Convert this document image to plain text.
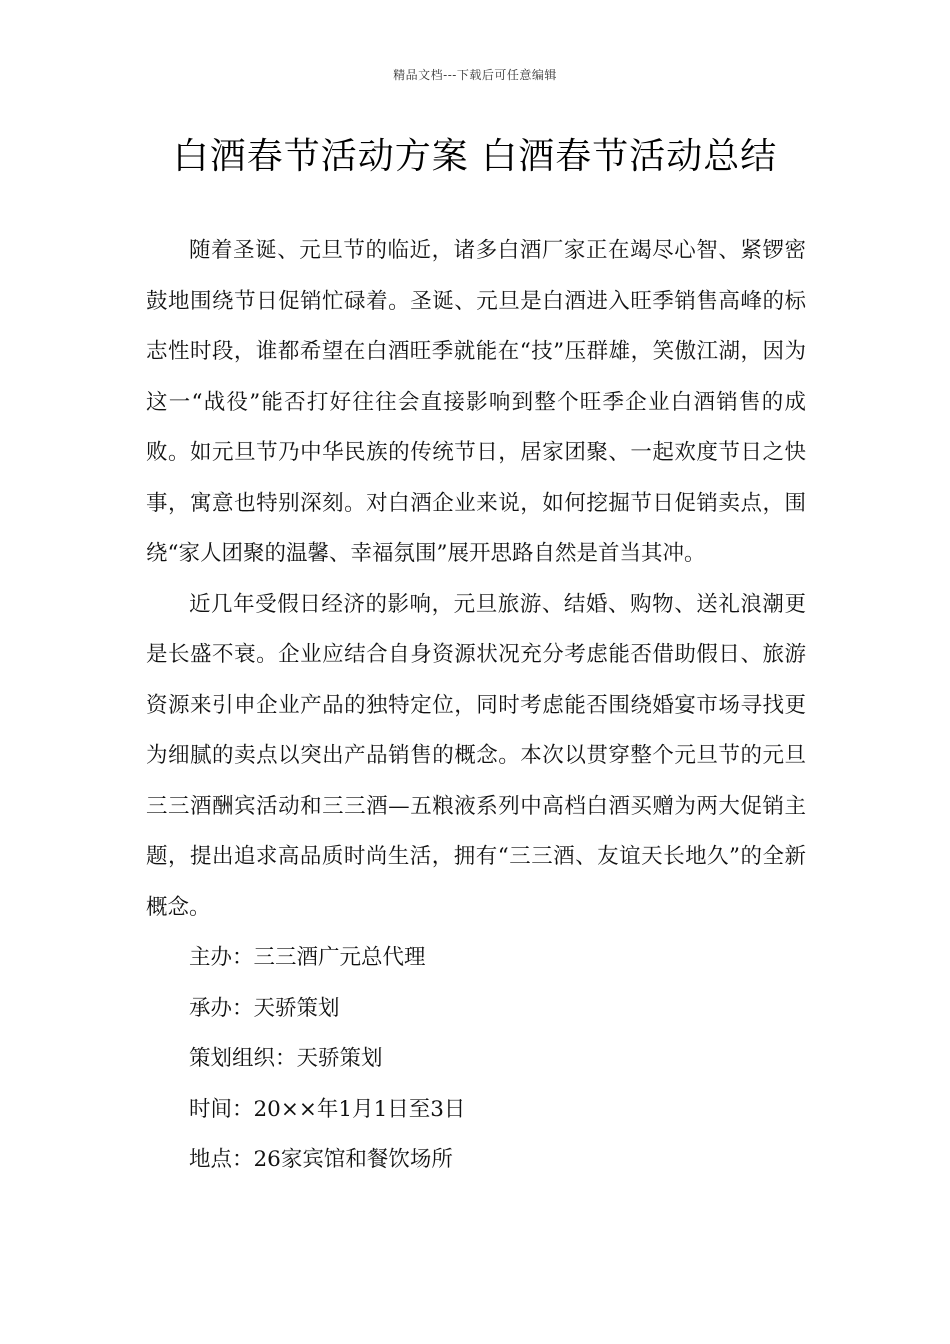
精品文档---下载后可任意编辑
白酒春节活动方案 白酒春节活动总结

随着圣诞、元旦节的临近，诸多白酒厂家正在竭尽心智、紧锣密鼓地围绕节日促销忙碌着。圣诞、元旦是白酒进入旺季销售高峰的标志性时段，谁都希望在白酒旺季就能在“技”压群雄，笑傲江湖，因为这一“战役”能否打好往往会直接影响到整个旺季企业白酒销售的成败。如元旦节乃中华民族的传统节日，居家团聚、一起欢度节日之快事，寓意也特别深刻。对白酒企业来说，如何挖掘节日促销卖点，围绕“家人团聚的温馨、幸福氛围”展开思路自然是首当其冲。

近几年受假日经济的影响，元旦旅游、结婚、购物、送礼浪潮更是长盛不衰。企业应结合自身资源状况充分考虑能否借助假日、旅游资源来引申企业产品的独特定位，同时考虑能否围绕婚宴市场寻找更为细腻的卖点以突出产品销售的概念。本次以贯穿整个元旦节的元旦三三酒酬宾活动和三三酒—五粮液系列中高档白酒买赠为两大促销主题，提出追求高品质时尚生活，拥有“三三酒、友谊天长地久”的全新概念。

主办：三三酒广元总代理

承办：天骄策划

策划组织：天骄策划

时间：20××年1月1日至3日

地点：26家宾馆和餐饮场所
